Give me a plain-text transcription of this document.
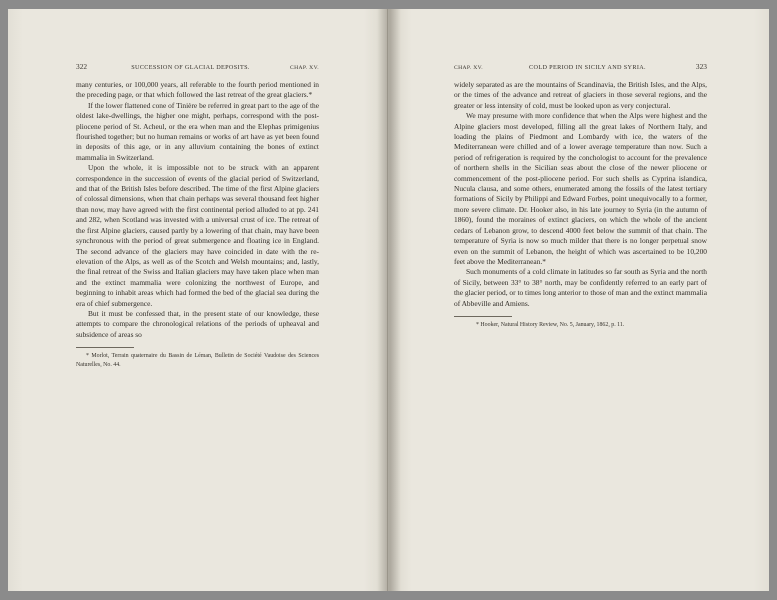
322	SUCCESSION OF GLACIAL DEPOSITS.	CHAP. XV.

many centuries, or 100,000 years, all referable to the fourth period mentioned in the preceding page, or that which followed the last retreat of the great glaciers.*

If the lower flattened cone of Tinière be referred in great part to the age of the oldest lake-dwellings, the higher one might, perhaps, correspond with the post-pliocene period of St. Acheul, or the era when man and the Elephas primigenius flourished together; but no human remains or works of art have as yet been found in deposits of this age, or in any alluvium containing the bones of extinct mammalia in Switzerland.

Upon the whole, it is impossible not to be struck with an apparent correspondence in the succession of events of the glacial period of Switzerland, and that of the British Isles before described. The time of the first Alpine glaciers of colossal dimensions, when that chain perhaps was several thousand feet higher than now, may have agreed with the first continental period alluded to at pp. 241 and 282, when Scotland was invested with a universal crust of ice. The retreat of the first Alpine glaciers, caused partly by a lowering of that chain, may have been synchronous with the period of great submergence and floating ice in England. The second advance of the glaciers may have coincided in date with the re-elevation of the Alps, as well as of the Scotch and Welsh mountains; and, lastly, the final retreat of the Swiss and Italian glaciers may have taken place when man and the extinct mammalia were colonizing the northwest of Europe, and beginning to inhabit areas which had formed the bed of the glacial sea during the era of chief submergence.

But it must be confessed that, in the present state of our knowledge, these attempts to compare the chronological relations of the periods of upheaval and subsidence of areas so

* Morlot, Terrain quaternaire du Bassin de Léman, Bulletin de Société Vaudoise des Sciences Naturelles, No. 44.
CHAP. XV.	COLD PERIOD IN SICILY AND SYRIA.	323

widely separated as are the mountains of Scandinavia, the British Isles, and the Alps, or the times of the advance and retreat of glaciers in those several regions, and the greater or less intensity of cold, must be looked upon as very conjectural.

We may presume with more confidence that when the Alps were highest and the Alpine glaciers most developed, filling all the great lakes of Northern Italy, and loading the plains of Piedmont and Lombardy with ice, the waters of the Mediterranean were chilled and of a lower average temperature than now. Such a period of refrigeration is required by the conchologist to account for the prevalence of northern shells in the Sicilian seas about the close of the newer pliocene or commencement of the post-pliocene period. For such shells as Cyprina islandica, Nucula clausa, and some others, enumerated among the fossils of the latest tertiary formations of Sicily by Philippi and Edward Forbes, point unequivocally to a former, more severe climate. Dr. Hooker also, in his late journey to Syria (in the autumn of 1860), found the moraines of extinct glaciers, on which the whole of the ancient cedars of Lebanon grow, to descend 4000 feet below the summit of that chain. The temperature of Syria is now so much milder that there is no longer perpetual snow even on the summit of Lebanon, the height of which was ascertained to be 10,200 feet above the Mediterranean.*

Such monuments of a cold climate in latitudes so far south as Syria and the north of Sicily, between 33° to 38° north, may be confidently referred to an early part of the glacier period, or to times long anterior to those of man and the extinct mammalia of Abbeville and Amiens.

* Hooker, Natural History Review, No. 5, January, 1862, p. 11.
